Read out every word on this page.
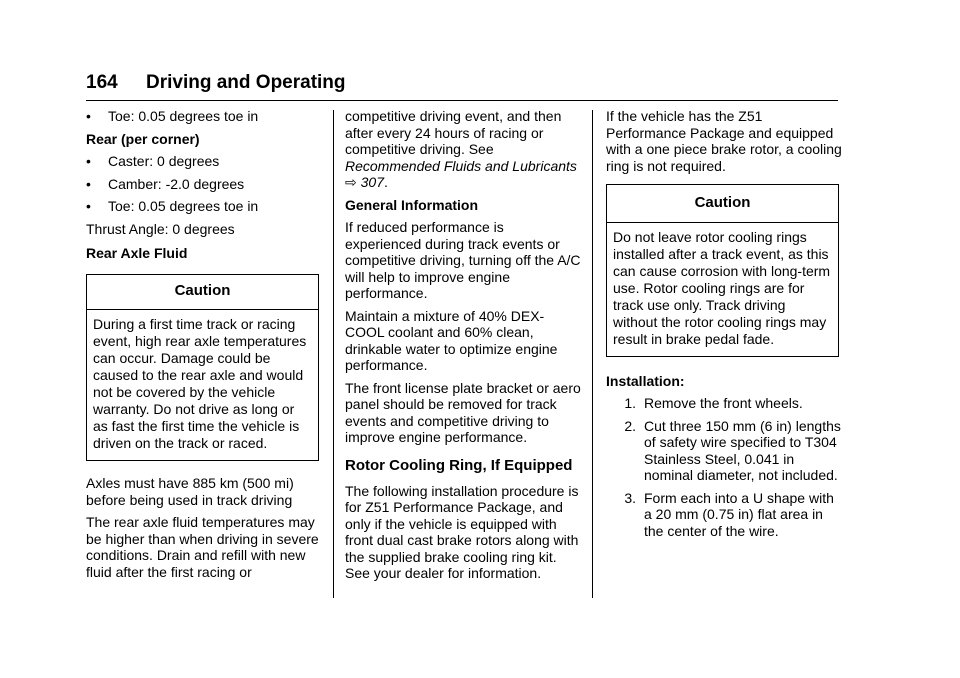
164 Driving and Operating
•	Toe: 0.05 degrees toe in

Rear (per corner)

•	Caster: 0 degrees
•	Camber: -2.0 degrees
•	Toe: 0.05 degrees toe in

Thrust Angle: 0 degrees

Rear Axle Fluid

Caution
During a first time track or racing event, high rear axle temperatures can occur. Damage could be caused to the rear axle and would not be covered by the vehicle warranty. Do not drive as long or as fast the first time the vehicle is driven on the track or raced.

Axles must have 885 km (500 mi) before being used in track driving

The rear axle fluid temperatures may be higher than when driving in severe conditions. Drain and refill with new fluid after the first racing or

competitive driving event, and then after every 24 hours of racing or competitive driving. See Recommended Fluids and Lubricants ⇨ 307.

General Information

If reduced performance is experienced during track events or competitive driving, turning off the A/C will help to improve engine performance.

Maintain a mixture of 40% DEX-COOL coolant and 60% clean, drinkable water to optimize engine performance.

The front license plate bracket or aero panel should be removed for track events and competitive driving to improve engine performance.

Rotor Cooling Ring, If Equipped

The following installation procedure is for Z51 Performance Package, and only if the vehicle is equipped with front dual cast brake rotors along with the supplied brake cooling ring kit. See your dealer for information.

If the vehicle has the Z51 Performance Package and equipped with a one piece brake rotor, a cooling ring is not required.

Caution
Do not leave rotor cooling rings installed after a track event, as this can cause corrosion with long-term use. Rotor cooling rings are for track use only. Track driving without the rotor cooling rings may result in brake pedal fade.

Installation:

1. Remove the front wheels.
2. Cut three 150 mm (6 in) lengths of safety wire specified to T304 Stainless Steel, 0.041 in nominal diameter, not included.
3. Form each into a U shape with a 20 mm (0.75 in) flat area in the center of the wire.
